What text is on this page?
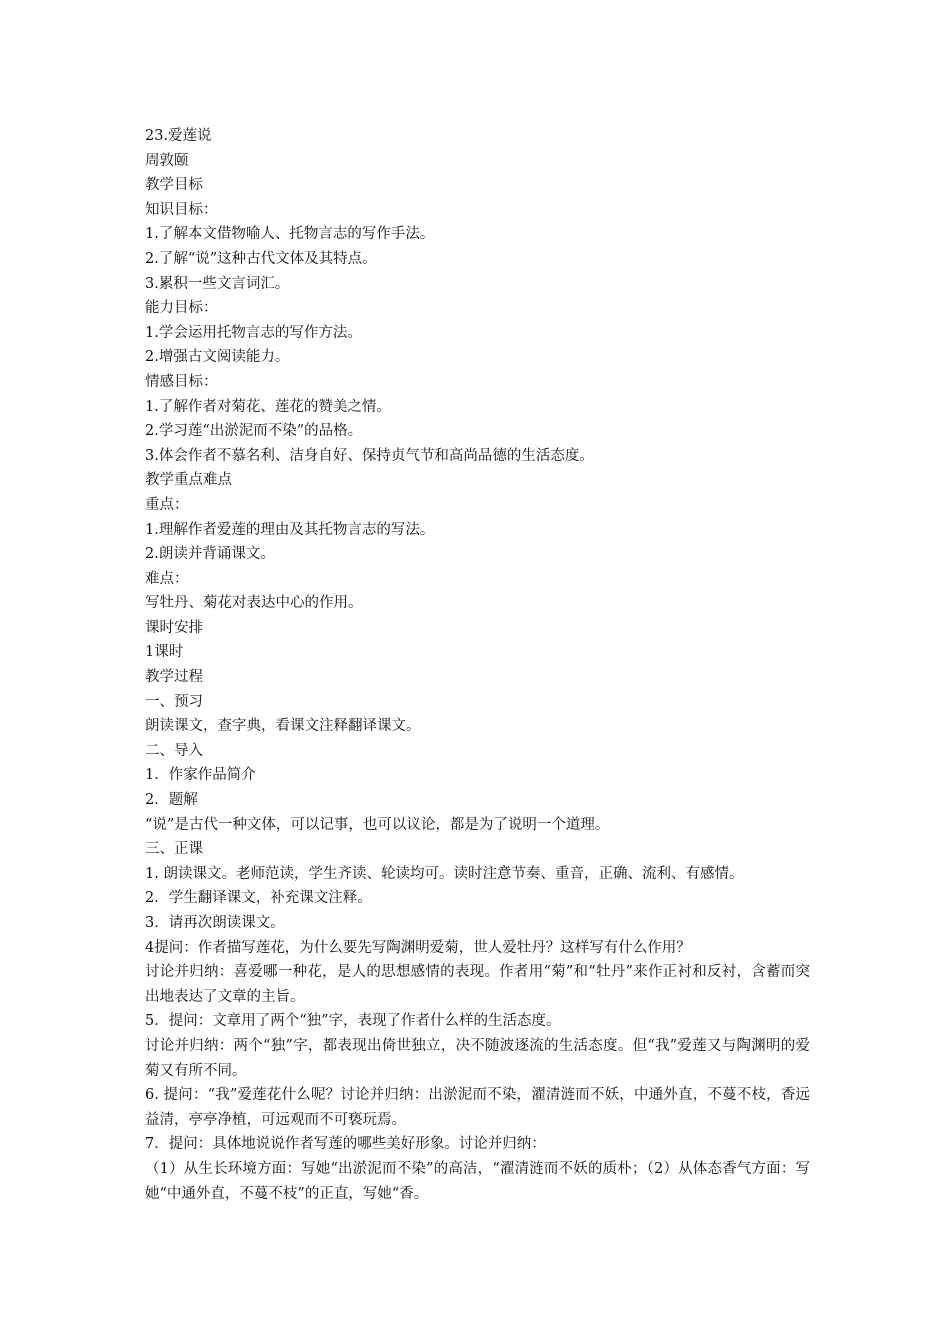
23.爱莲说
周敦颐
教学目标
知识目标：
1.了解本文借物喻人、托物言志的写作手法。
2.了解“说”这种古代文体及其特点。
3.累积一些文言词汇。
能力目标：
1.学会运用托物言志的写作方法。
2.增强古文阅读能力。
情感目标：
1.了解作者对菊花、莲花的赞美之情。
2.学习莲“出淤泥而不染”的品格。
3.体会作者不慕名利、洁身自好、保持贞气节和高尚品德的生活态度。
教学重点难点
重点：
1.理解作者爱莲的理由及其托物言志的写法。
2.朗读并背诵课文。
难点：
写牡丹、菊花对表达中心的作用。
课时安排
1课时
教学过程
一、预习
朗读课文，查字典，看课文注释翻译课文。
二、导入
1．作家作品简介
2．题解
“说”是古代一种文体，可以记事，也可以议论，都是为了说明一个道理。
三、正课
1. 朗读课文。老师范读，学生齐读、轮读均可。读时注意节奏、重音，正确、流利、有感情。
2．学生翻译课文，补充课文注释。
3．请再次朗读课文。
4提问：作者描写莲花，为什么要先写陶渊明爱菊，世人爱牡丹？这样写有什么作用？
讨论并归纳：喜爱哪一种花，是人的思想感情的表现。作者用“菊”和“牡丹”来作正衬和反衬，含蓄而突出地表达了文章的主旨。
5．提问：文章用了两个“独”字，表现了作者什么样的生活态度。
讨论并归纳：两个“独”字，都表现出倚世独立，决不随波逐流的生活态度。但“我”爱莲又与陶渊明的爱菊又有所不同。
6. 提问：“我”爱莲花什么呢？讨论并归纳：出淤泥而不染，濯清涟而不妖，中通外直，不蔓不枝，香远益清，亭亭净植，可远观而不可亵玩焉。
7．提问：具体地说说作者写莲的哪些美好形象。讨论并归纳：
（1）从生长环境方面：写她“出淤泥而不染”的高洁，“濯清涟而不妖的质朴；（2）从体态香气方面：写她“中通外直，不蔓不枝”的正直，写她“香。
